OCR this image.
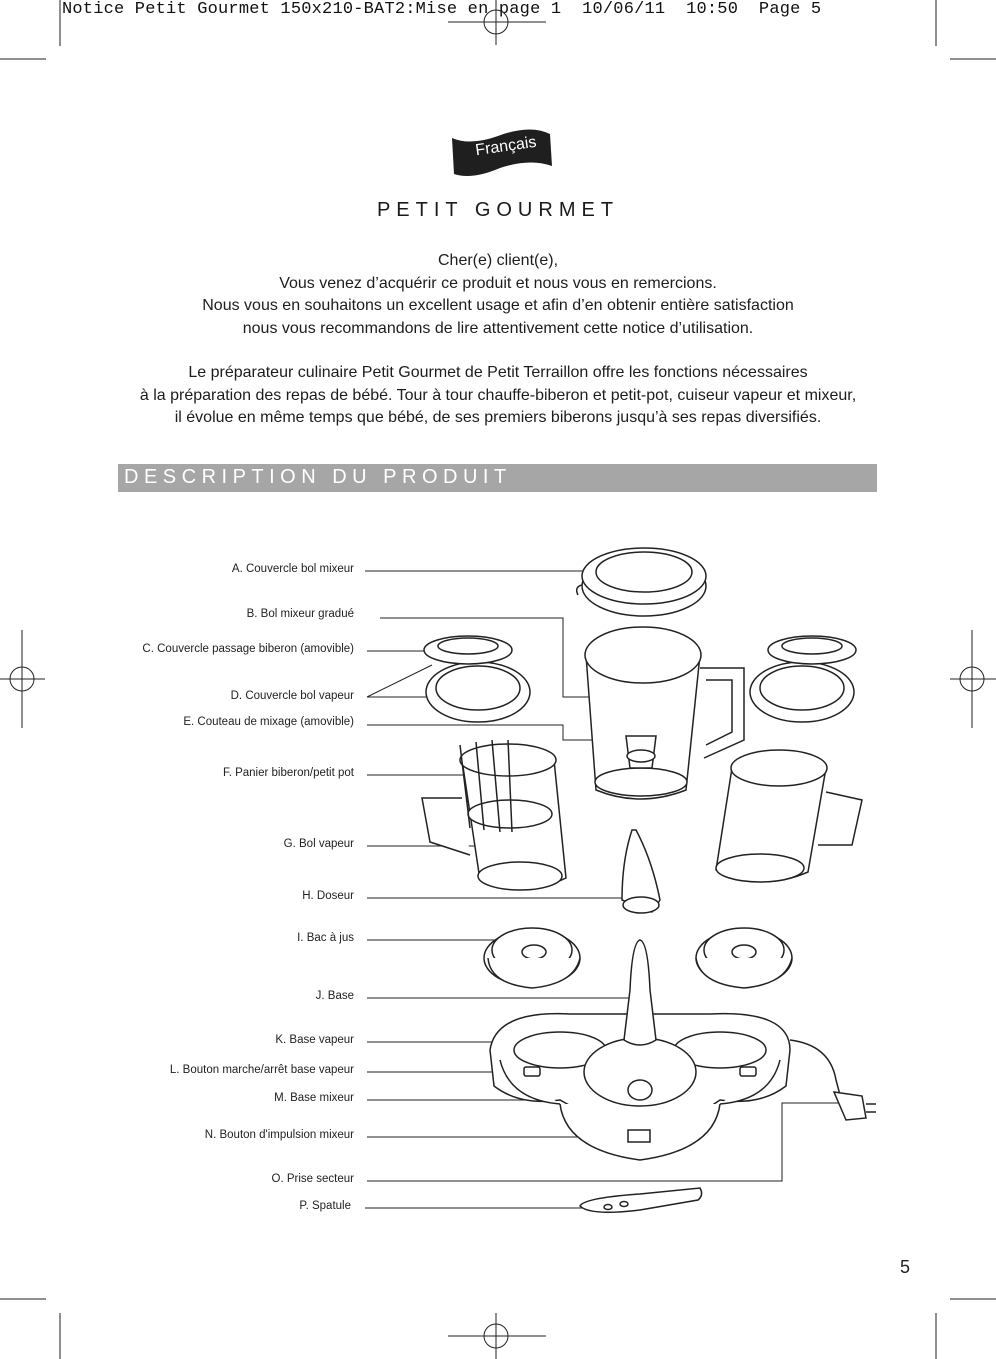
Notice Petit Gourmet 150x210-BAT2:Mise en page 1  10/06/11  10:50  Page 5
Français
PETIT GOURMET

Cher(e) client(e),

Vous venez d’acquérir ce produit et nous vous en remercions.

Nous vous en souhaitons un excellent usage et afin d’en obtenir entière satisfaction

nous vous recommandons de lire attentivement cette notice d’utilisation.

Le préparateur culinaire Petit Gourmet de Petit Terraillon offre les fonctions nécessaires

à la préparation des repas de bébé. Tour à tour chauffe-biberon et petit-pot, cuiseur vapeur et mixeur,

il évolue en même temps que bébé, de ses premiers biberons jusqu’à ses repas diversifiés.

DESCRIPTION DU PRODUIT
A. Couvercle bol mixeur
B. Bol mixeur gradué
C. Couvercle passage biberon (amovible)
D. Couvercle bol vapeur
E. Couteau de mixage (amovible)
F. Panier biberon/petit pot
G. Bol vapeur
H. Doseur
I. Bac à jus
J. Base
K. Base vapeur
L. Bouton marche/arrêt base vapeur
M. Base mixeur
N. Bouton d'impulsion mixeur
O. Prise secteur
P. Spatule
5
